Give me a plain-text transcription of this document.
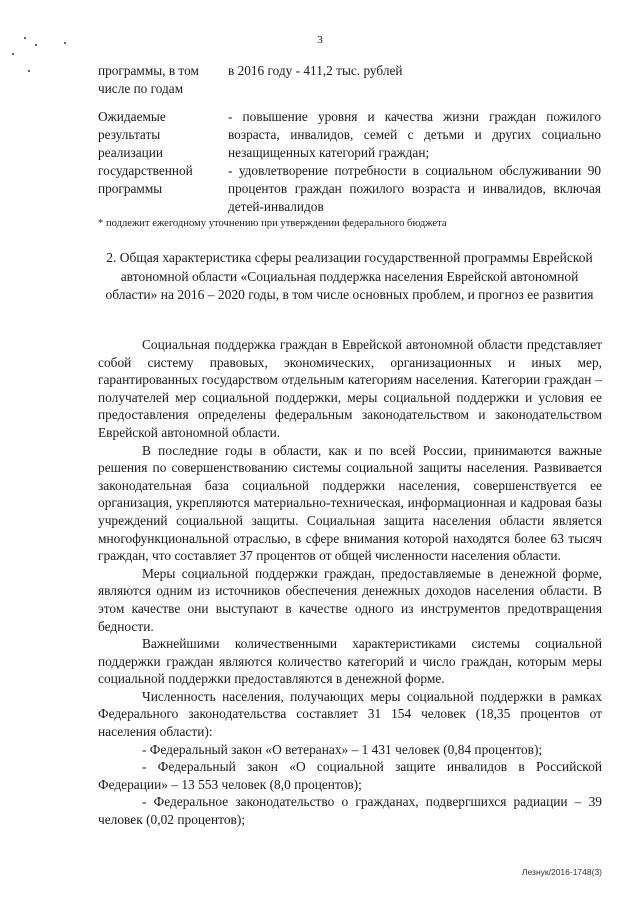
3
программы, в том числе по годам

в 2016 году - 411,2 тыс. рублей

Ожидаемые результаты реализации государственной программы

- повышение уровня и качества жизни граждан пожилого возраста, инвалидов, семей с детьми и других социально незащищенных категорий граждан;

- удовлетворение потребности в социальном обслуживании 90 процентов граждан пожилого возраста и инвалидов, включая детей-инвалидов

* подлежит ежегодному уточнению при утверждении федерального бюджета
2. Общая характеристика сферы реализации государственной программы Еврейской автономной области «Социальная поддержка населения Еврейской автономной области» на 2016 – 2020 годы, в том числе основных проблем, и прогноз ее развития

Социальная поддержка граждан в Еврейской автономной области представляет собой систему правовых, экономических, организационных и иных мер, гарантированных государством отдельным категориям населения. Категории граждан – получателей мер социальной поддержки, меры социальной поддержки и условия ее предоставления определены федеральным законодательством и законодательством Еврейской автономной области.

В последние годы в области, как и по всей России, принимаются важные решения по совершенствованию системы социальной защиты населения. Развивается законодательная база социальной поддержки населения, совершенствуется ее организация, укрепляются материально-техническая, информационная и кадровая базы учреждений социальной защиты. Социальная защита населения области является многофункциональной отраслью, в сфере внимания которой находятся более 63 тысяч граждан, что составляет 37 процентов от общей численности населения области.

Меры социальной поддержки граждан, предоставляемые в денежной форме, являются одним из источников обеспечения денежных доходов населения области. В этом качестве они выступают в качестве одного из инструментов предотвращения бедности.

Важнейшими количественными характеристиками системы социальной поддержки граждан являются количество категорий и число граждан, которым меры социальной поддержки предоставляются в денежной форме.

Численность населения, получающих меры социальной поддержки в рамках Федерального законодательства составляет 31 154 человек (18,35 процентов от населения области):

- Федеральный закон «О ветеранах» – 1 431 человек (0,84 процентов);

- Федеральный закон «О социальной защите инвалидов в Российской Федерации» – 13 553 человек (8,0 процентов);

- Федеральное законодательство о гражданах, подвергшихся радиации – 39 человек (0,02 процентов);

Лезнук/2016-1748(3)
